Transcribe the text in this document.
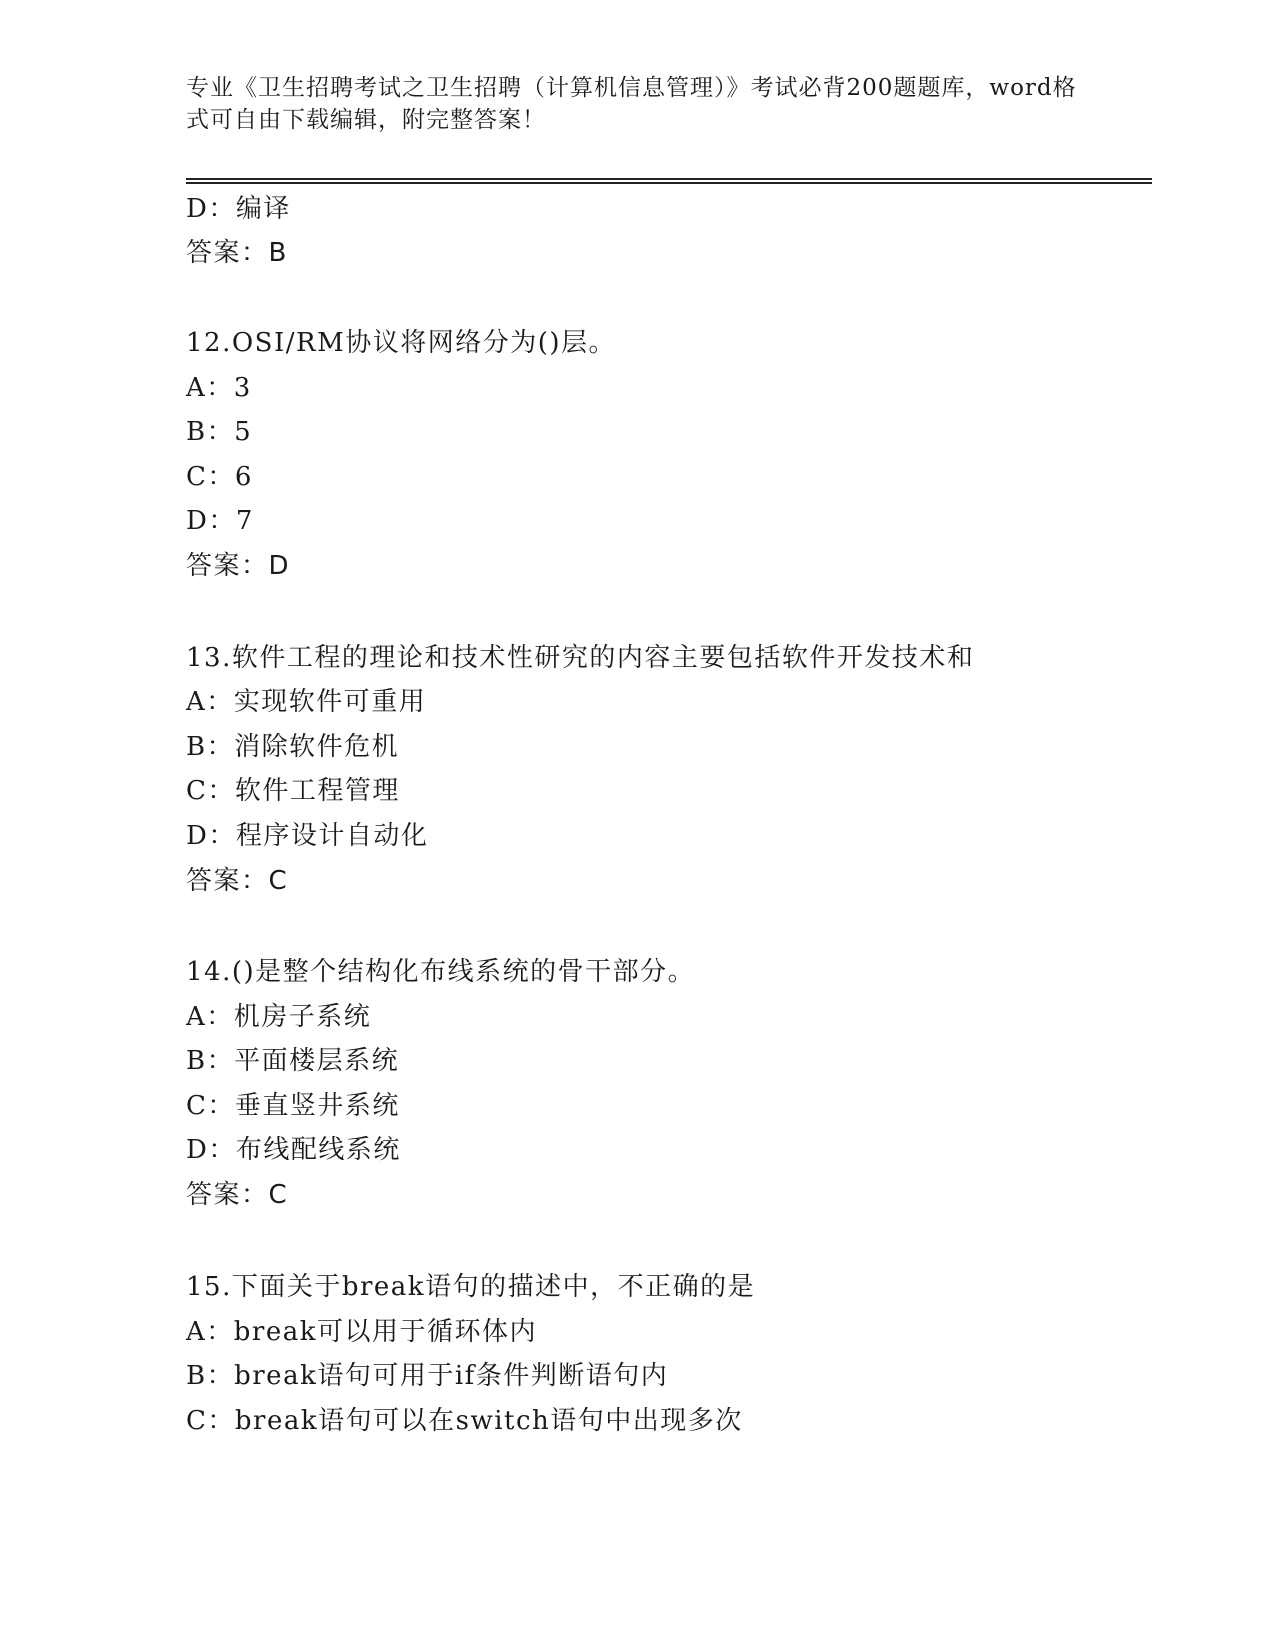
专业《卫生招聘考试之卫生招聘（计算机信息管理）》考试必背200题题库，word格式可自由下载编辑，附完整答案！
D：编译
答案：B
12.OSI/RM协议将网络分为()层。
A：3
B：5
C：6
D：7
答案：D
13.软件工程的理论和技术性研究的内容主要包括软件开发技术和
A：实现软件可重用
B：消除软件危机
C：软件工程管理
D：程序设计自动化
答案：C
14.()是整个结构化布线系统的骨干部分。
A：机房子系统
B：平面楼层系统
C：垂直竖井系统
D：布线配线系统
答案：C
15.下面关于break语句的描述中，不正确的是
A：break可以用于循环体内
B：break语句可用于if条件判断语句内
C：break语句可以在switch语句中出现多次
